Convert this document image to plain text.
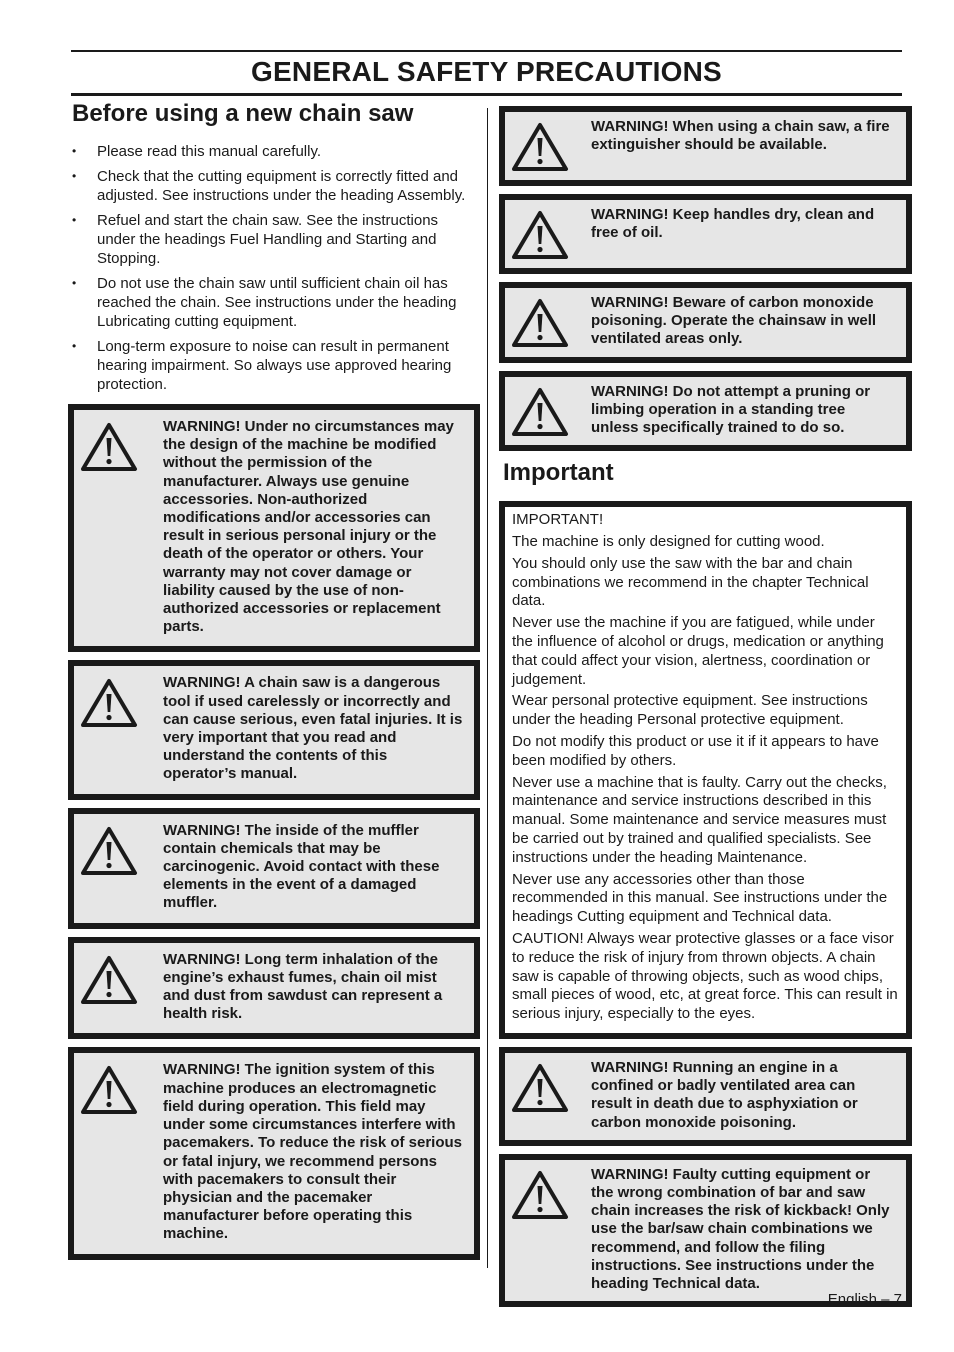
GENERAL SAFETY PRECAUTIONS
Before using a new chain saw
• Please read this manual carefully.
• Check that the cutting equipment is correctly fitted and adjusted. See instructions under the heading Assembly.
• Refuel and start the chain saw. See the instructions under the headings Fuel Handling and Starting and Stopping.
• Do not use the chain saw until sufficient chain oil has reached the chain. See instructions under the heading Lubricating cutting equipment.
• Long-term exposure to noise can result in permanent hearing impairment. So always use approved hearing protection.
WARNING! Under no circumstances may the design of the machine be modified without the permission of the manufacturer. Always use genuine accessories. Non-authorized modifications and/or accessories can result in serious personal injury or the death of the operator or others. Your warranty may not cover damage or liability caused by the use of non-authorized accessories or replacement parts.
WARNING! A chain saw is a dangerous tool if used carelessly or incorrectly and can cause serious, even fatal injuries. It is very important that you read and understand the contents of this operator’s manual.
WARNING! The inside of the muffler contain chemicals that may be carcinogenic. Avoid contact with these elements in the event of a damaged muffler.
WARNING! Long term inhalation of the engine’s exhaust fumes, chain oil mist and dust from sawdust can represent a health risk.
WARNING! The ignition system of this machine produces an electromagnetic field during operation. This field may under some circumstances interfere with pacemakers. To reduce the risk of serious or fatal injury, we recommend persons with pacemakers to consult their physician and the pacemaker manufacturer before operating this machine.
WARNING! When using a chain saw, a fire extinguisher should be available.
WARNING! Keep handles dry, clean and free of oil.
WARNING! Beware of carbon monoxide poisoning. Operate the chainsaw in well ventilated areas only.
WARNING! Do not attempt a pruning or limbing operation in a standing tree unless specifically trained to do so.
Important

IMPORTANT!

The machine is only designed for cutting wood.

You should only use the saw with the bar and chain combinations we recommend in the chapter Technical data.

Never use the machine if you are fatigued, while under the influence of alcohol or drugs, medication or anything that could affect your vision, alertness, coordination or judgement.

Wear personal protective equipment. See instructions under the heading Personal protective equipment.

Do not modify this product or use it if it appears to have been modified by others.

Never use a machine that is faulty. Carry out the checks, maintenance and service instructions described in this manual. Some maintenance and service measures must be carried out by trained and qualified specialists. See instructions under the heading Maintenance.

Never use any accessories other than those recommended in this manual. See instructions under the headings Cutting equipment and Technical data.

CAUTION! Always wear protective glasses or a face visor to reduce the risk of injury from thrown objects. A chain saw is capable of throwing objects, such as wood chips, small pieces of wood, etc, at great force. This can result in serious injury, especially to the eyes.

WARNING! Running an engine in a confined or badly ventilated area can result in death due to asphyxiation or carbon monoxide poisoning.
WARNING! Faulty cutting equipment or the wrong combination of bar and saw chain increases the risk of kickback! Only use the bar/saw chain combinations we recommend, and follow the filing instructions. See instructions under the heading Technical data.
English – 7
